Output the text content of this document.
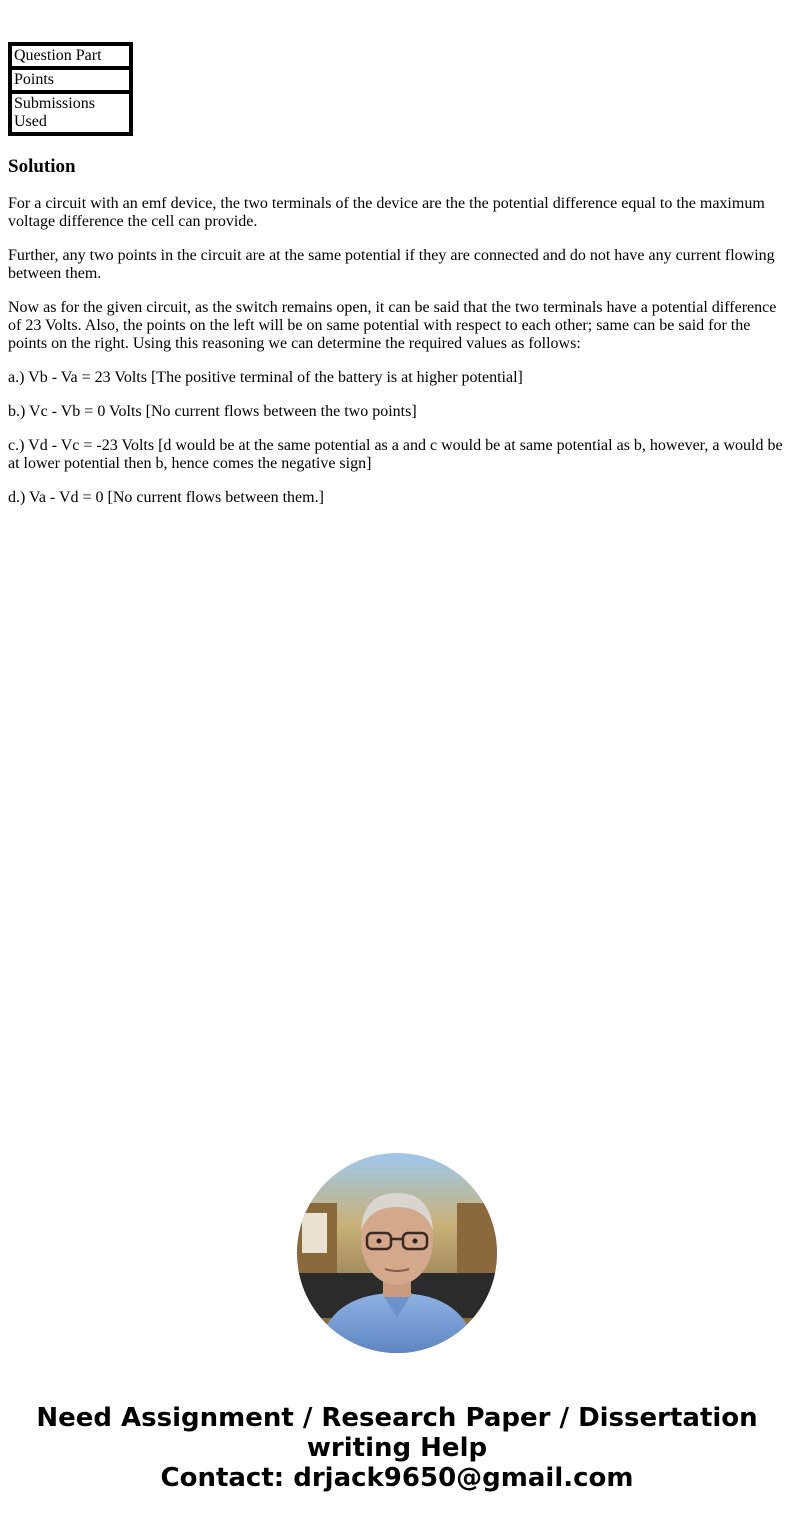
Question Part
Points
Submissions Used
Solution

For a circuit with an emf device, the two terminals of the device are the the potential difference equal to the maximum voltage difference the cell can provide.

Further, any two points in the circuit are at the same potential if they are connected and do not have any current flowing between them.

Now as for the given circuit, as the switch remains open, it can be said that the two terminals have a potential difference of 23 Volts. Also, the points on the left will be on same potential with respect to each other; same can be said for the points on the right. Using this reasoning we can determine the required values as follows:

a.) Vb - Va = 23 Volts [The positive terminal of the battery is at higher potential]

b.) Vc - Vb = 0 Volts [No current flows between the two points]

c.) Vd - Vc = -23 Volts [d would be at the same potential as a and c would be at same potential as b, however, a would be at lower potential then b, hence comes the negative sign]

d.) Va - Vd = 0 [No current flows between them.]

Need Assignment / Research Paper / Dissertation writing Help
Contact: drjack9650@gmail.com
